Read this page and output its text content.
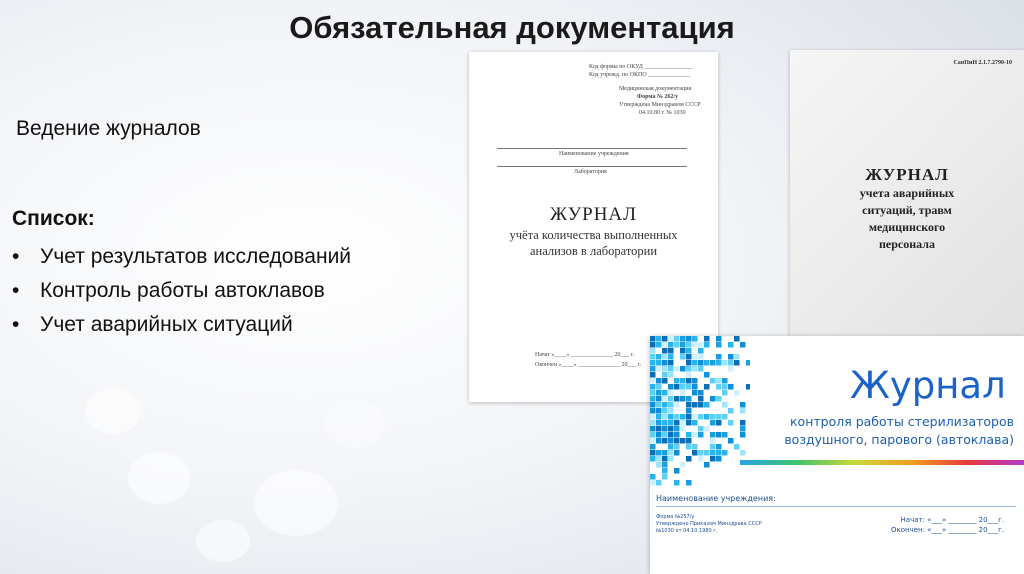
Обязательная документация
Ведение журналов
Список:
• Учет результатов исследований
• Контроль работы автоклавов
• Учет аварийных ситуаций
Код формы по ОКУД ________________
Код учрежд. по ОКПО ______________
Медицинская документация
Форма № 262/у
Утверждена Минздравом СССР
04.10.80 г. № 1030
Наименование учреждения
Лаборатория
ЖУРНАЛ
учёта количества выполненных
анализов в лаборатории
Начат «____» ______________ 20___ г.
Окончен «____» ______________ 20___ г.
СанПиН 2.1.7.2790-10
ЖУРНАЛ
учета аварийных
ситуаций, травм
медицинского
персонала
Журнал
контроля работы стерилизаторов
воздушного, парового (автоклава)
Наименование учреждения:
Форма №257/у
Утверждено Приказом Минздрава СССР
№1030 от 04.10.1980 г.
Начат: «___» ________ 20___г.
Окончен: «___» ________ 20___г.
